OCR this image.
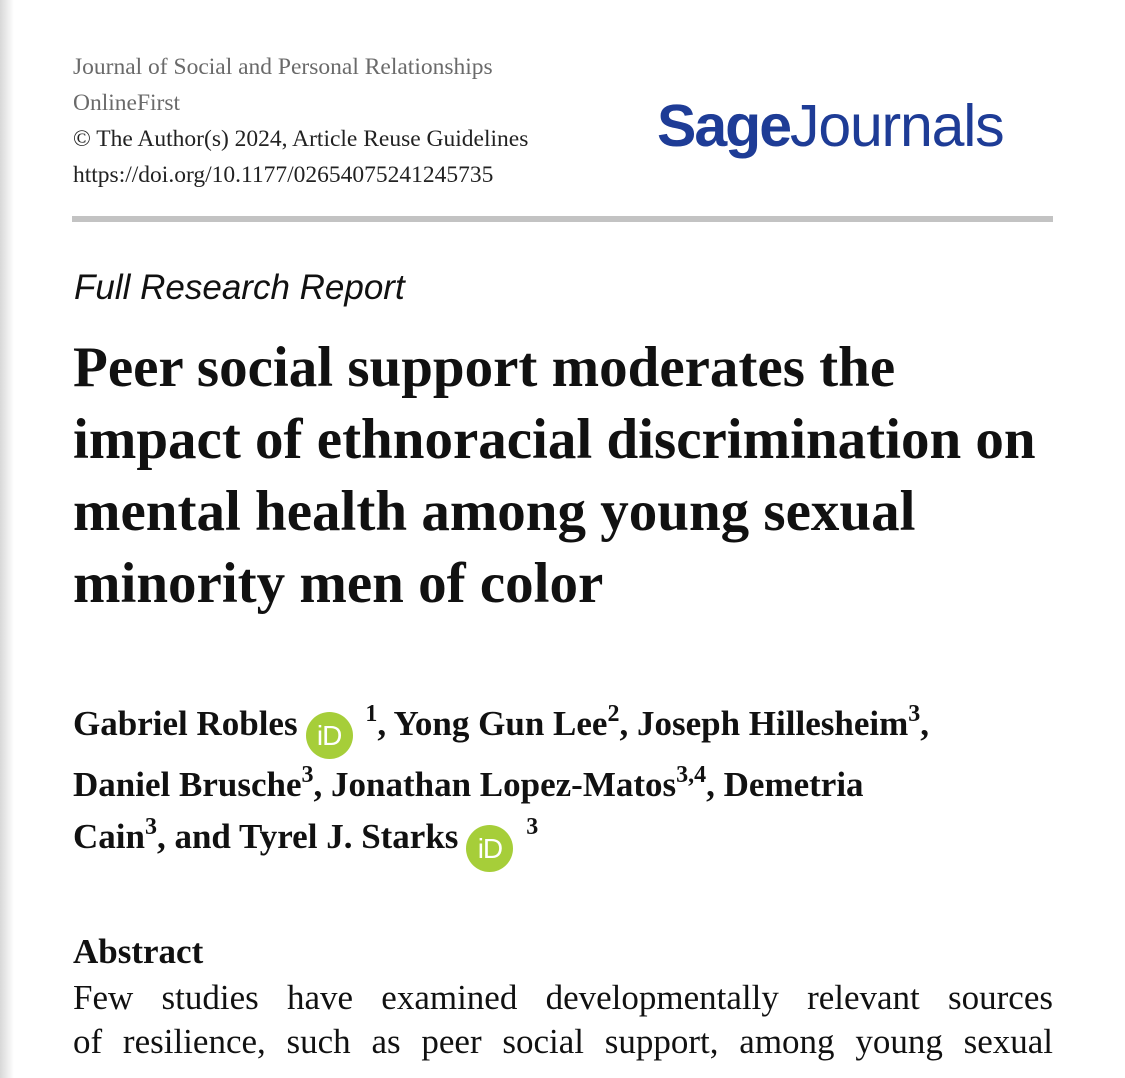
Journal of Social and Personal Relationships
OnlineFirst
© The Author(s) 2024, Article Reuse Guidelines
https://doi.org/10.1177/02654075241245735
SageJournals
Full Research Report
Peer social support moderates the
impact of ethnoracial discrimination on
mental health among young sexual
minority men of color
Gabriel Robles iD $^1$, Yong Gun Lee$^2$, Joseph Hillesheim$^3$,
Daniel Brusche$^3$, Jonathan Lopez-Matos$^{3,4}$, Demetria
Cain$^3$, and Tyrel J. Starks iD $^3$
Abstract
Few studies have examined developmentally relevant sources
of resilience, such as peer social support, among young sexual
